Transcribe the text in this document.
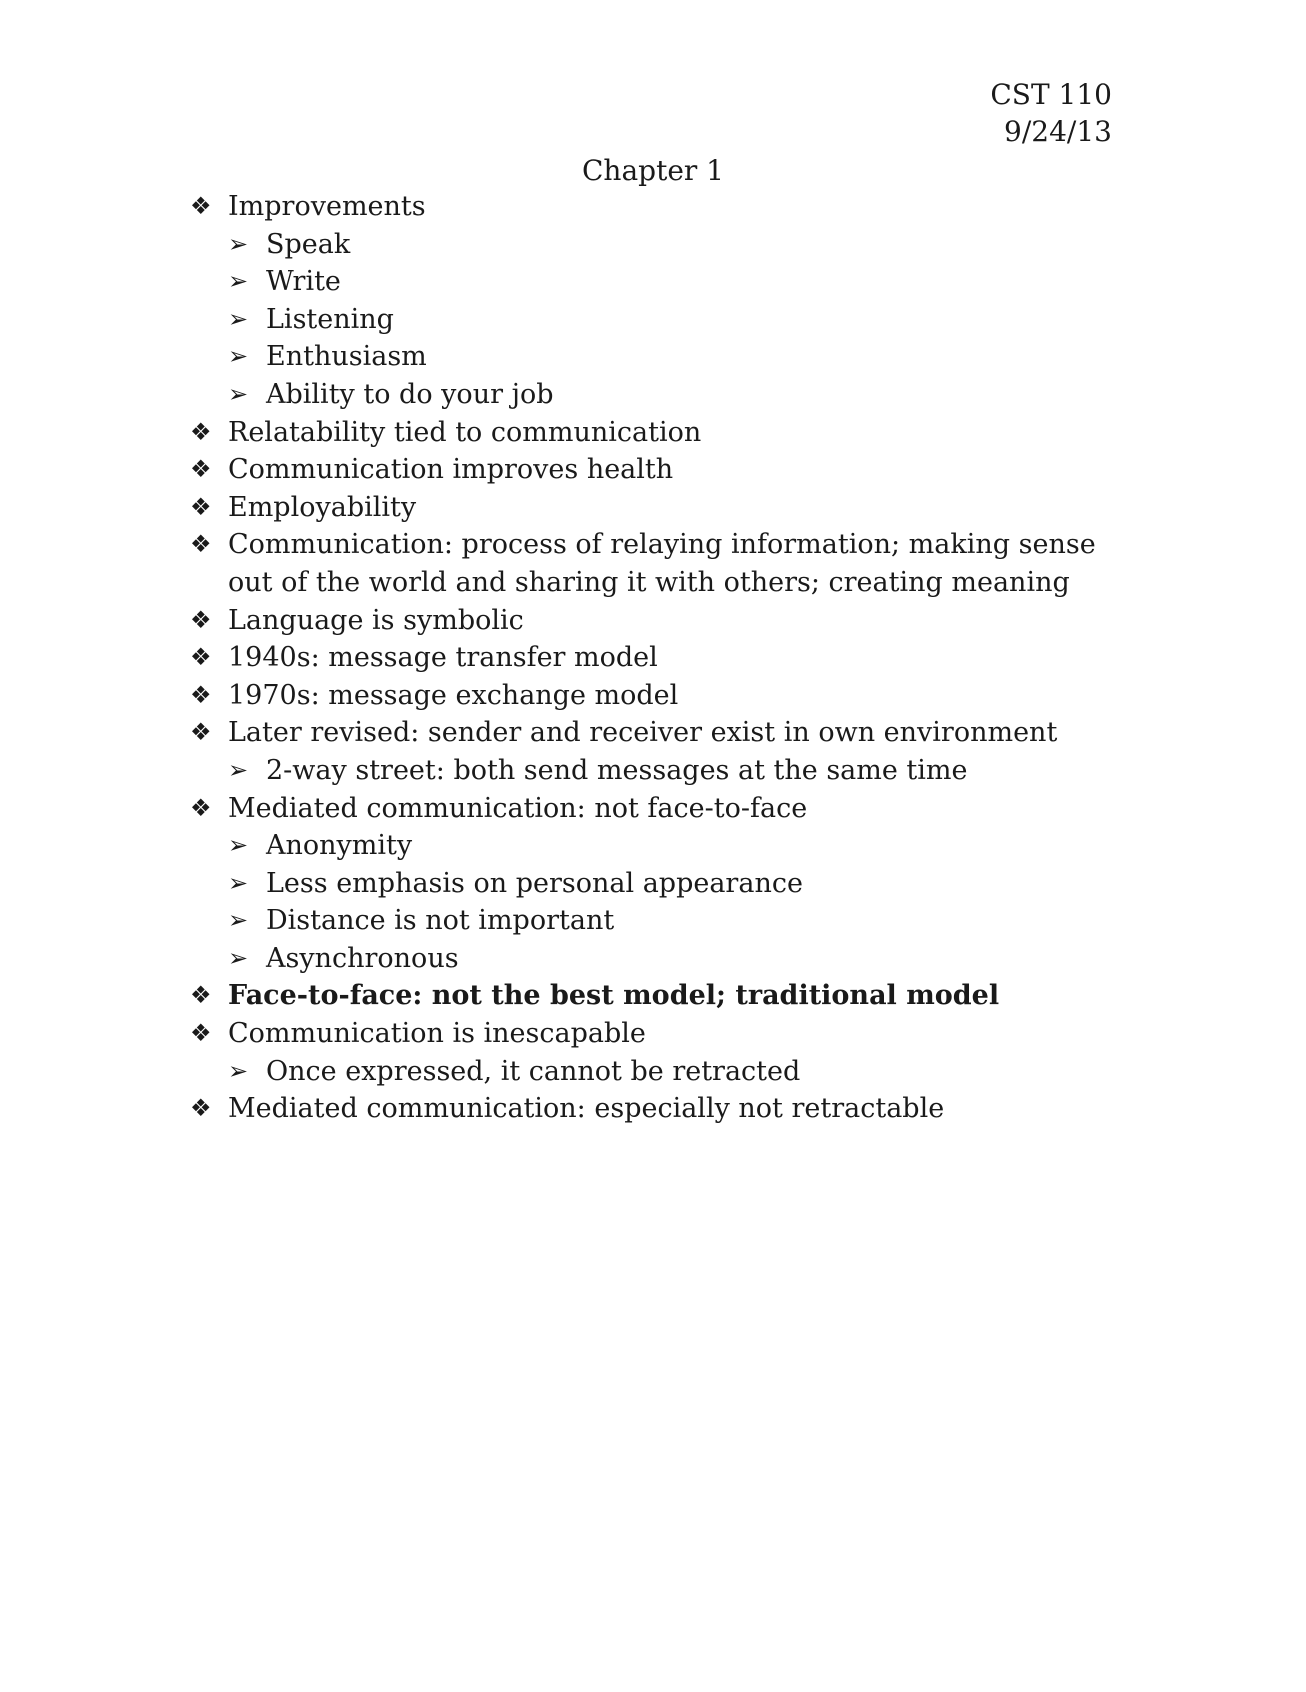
CST 110
9/24/13
Chapter 1
❖ Improvements
➢ Speak
➢ Write
➢ Listening
➢ Enthusiasm
➢ Ability to do your job
❖ Relatability tied to communication
❖ Communication improves health
❖ Employability
❖ Communication: process of relaying information; making sense out of the world and sharing it with others; creating meaning
❖ Language is symbolic
❖ 1940s: message transfer model
❖ 1970s: message exchange model
❖ Later revised: sender and receiver exist in own environment
➢ 2-way street: both send messages at the same time
❖ Mediated communication: not face-to-face
➢ Anonymity
➢ Less emphasis on personal appearance
➢ Distance is not important
➢ Asynchronous
❖ Face-to-face: not the best model; traditional model
❖ Communication is inescapable
➢ Once expressed, it cannot be retracted
❖ Mediated communication: especially not retractable
